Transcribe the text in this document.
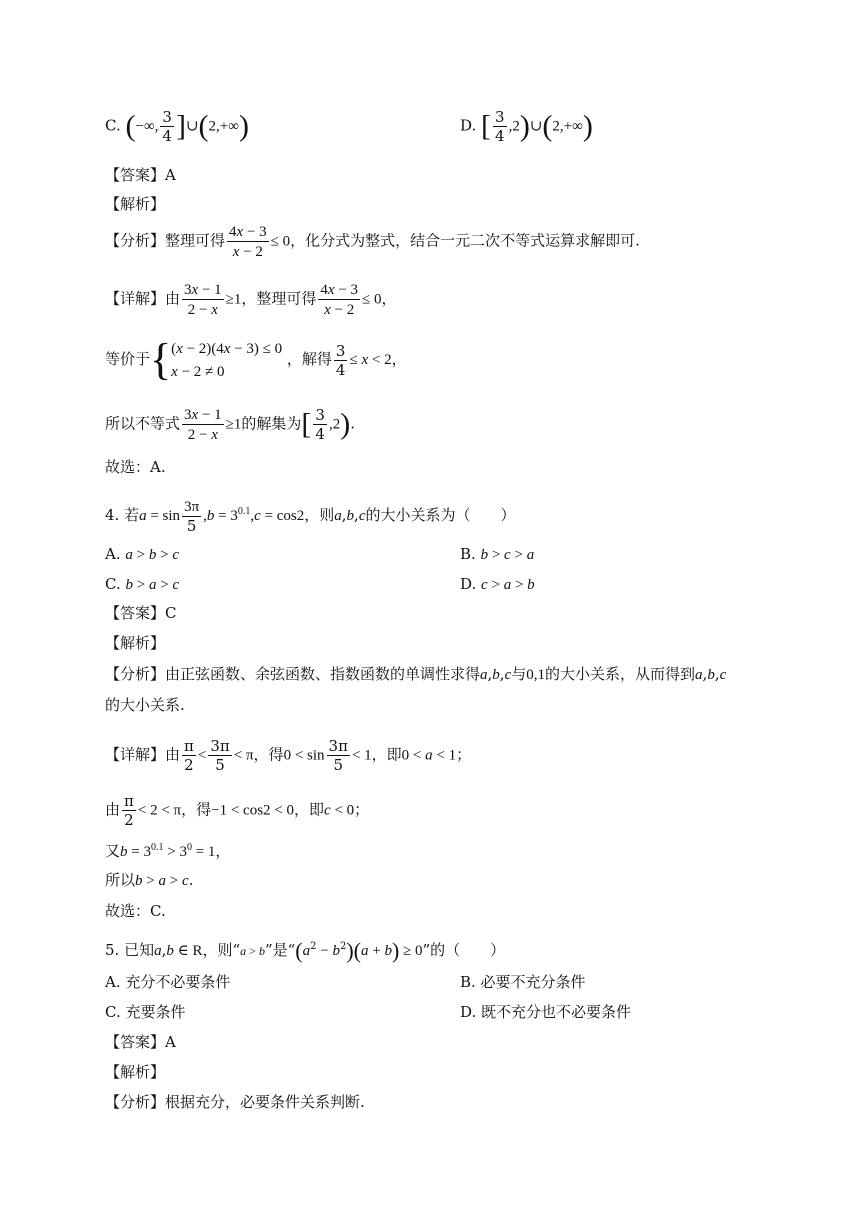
C. (−∞, $\frac{3}{4}$ ]∪(2,+∞)	D. [ $\frac{3}{4}$ ,2)∪(2,+∞)
【答案】A
【解析】
【分析】整理可得 $\frac{4x - 3}{x - 2} \le 0$，化分式为整式，结合一元二次不等式运算求解即可.
【详解】由 $\frac{3x - 1}{2 - x} \ge 1$，整理可得 $\frac{4x - 3}{x - 2} \le 0$，
等价于{ (x − 2)(4x − 3) ≤ 0
x − 2 ≠ 0
，解得 $\frac{3}{4} \le x < 2$，
所以不等式 $\frac{3x - 1}{2 - x} \ge 1$的解集为[ $\frac{3}{4} ,2$).
故选：A.
4. 若$a = \sin \frac{3\pi}{5} ,b = 3^{0.1},c = \cos 2$，则a,b,c的大小关系为（　　）
A. a > b > c	B. b > c > a
C. b > a > c	D. c > a > b
【答案】C
【解析】
【分析】由正弦函数、余弦函数、指数函数的单调性求得a,b,c与0,1的大小关系，从而得到a,b,c
的大小关系.
【详解】由 $\frac{\pi}{2} < \frac{3\pi}{5} < \pi$，得$0 < \sin \frac{3\pi}{5} < 1$，即0 < a < 1；
由 $\frac{\pi}{2} < 2 < \pi$，得−1 < cos2 < 0，即c < 0；
又$b = 3^{0.1} > 3^0 = 1$，
所以b > a > c.
故选：C.
5. 已知a,b ∈ R，则“a > b”是“$(a^2 - b^2)(a + b) \ge 0$”的（　　）
A. 充分不必要条件	B. 必要不充分条件
C. 充要条件	D. 既不充分也不必要条件
【答案】A
【解析】
【分析】根据充分，必要条件关系判断.
